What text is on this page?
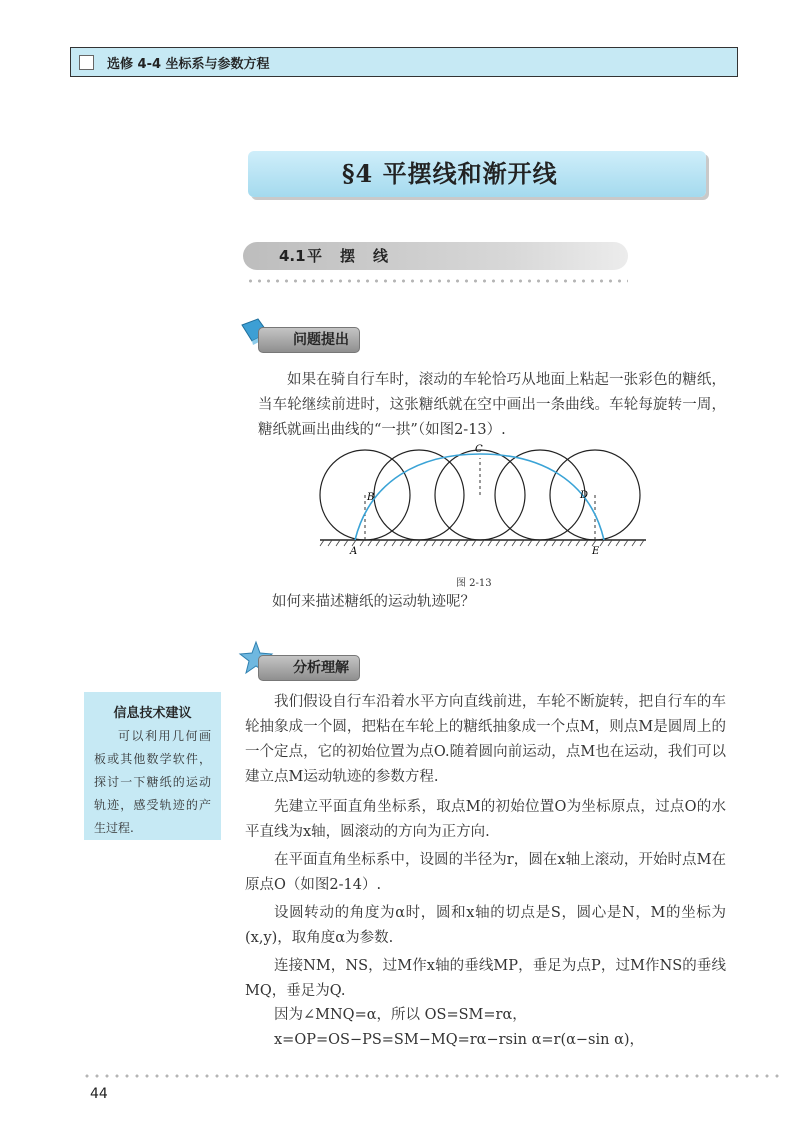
选修 4-4 坐标系与参数方程
§4 平摆线和渐开线
4.1平摆线
问题提出
如果在骑自行车时，滚动的车轮恰巧从地面上粘起一张彩色的糖纸，当车轮继续前进时，这张糖纸就在空中画出一条曲线。车轮每旋转一周，糖纸就画出曲线的“一拱”（如图2-13）.
A
B
C
D
E
图 2-13
如何来描述糖纸的运动轨迹呢？
分析理解
信息技术建议
可以利用几何画板或其他数学软件，探讨一下糖纸的运动轨迹，感受轨迹的产生过程.
我们假设自行车沿着水平方向直线前进，车轮不断旋转，把自行车的车轮抽象成一个圆，把粘在车轮上的糖纸抽象成一个点M，则点M是圆周上的一个定点，它的初始位置为点O.随着圆向前运动，点M也在运动，我们可以建立点M运动轨迹的参数方程.
先建立平面直角坐标系，取点M的初始位置O为坐标原点，过点O的水平直线为x轴，圆滚动的方向为正方向.
在平面直角坐标系中，设圆的半径为r，圆在x轴上滚动，开始时点M在原点O（如图2-14）.
设圆转动的角度为α时，圆和x轴的切点是S，圆心是N，M的坐标为(x,y)，取角度α为参数.
连接NM，NS，过M作x轴的垂线MP，垂足为点P，过M作NS的垂线MQ，垂足为Q.
因为∠MNQ=α，所以 OS=SM=rα，
x=OP=OS−PS=SM−MQ=rα−rsin α=r(α−sin α)，
44
